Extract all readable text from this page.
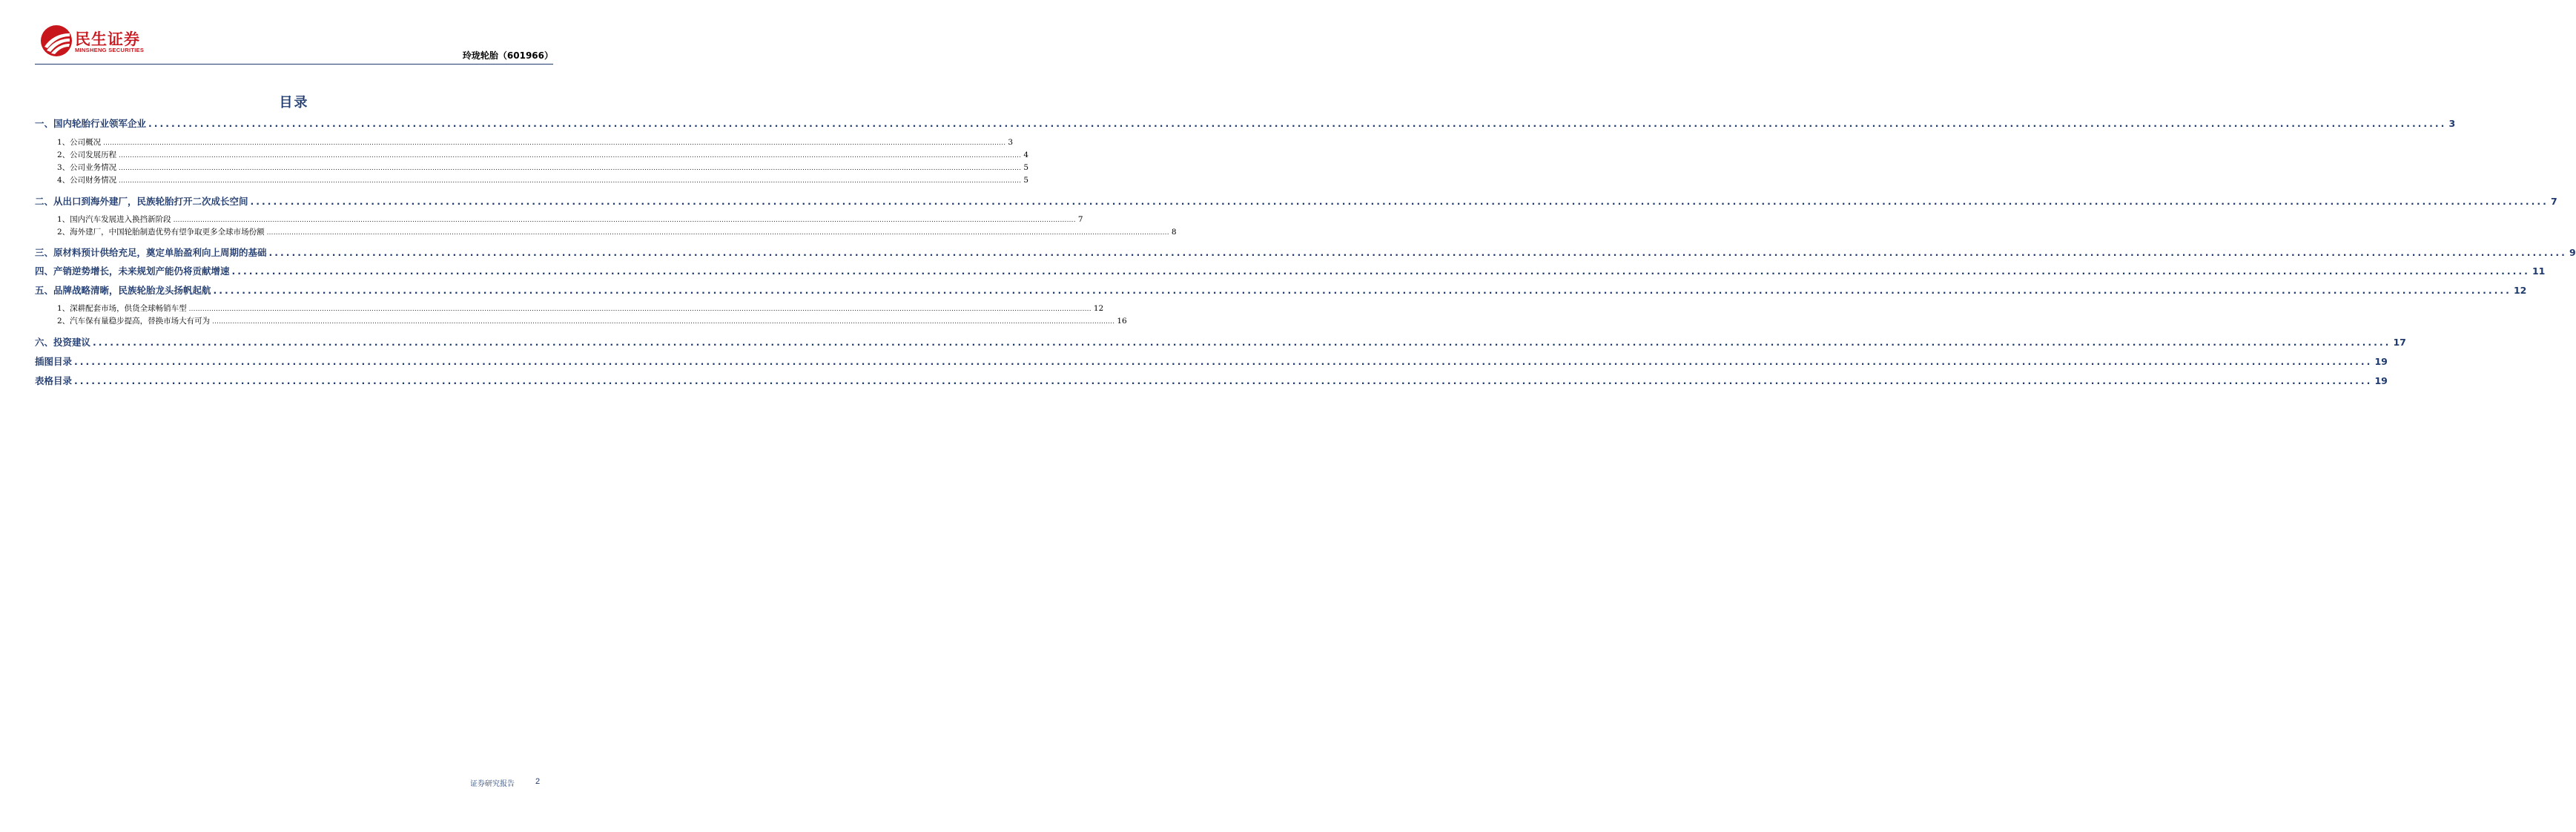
民生证券
MINSHENG SECURITIES
玲珑轮胎（601966）
目录
一、国内轮胎行业领军企业 ................................................................................................................................................................................................................................................................................................................................................................................................................ 3
1、公司概况 ................................................................................................................................................................................................................................................................................................................................................................................................................ 3
2、公司发展历程 ................................................................................................................................................................................................................................................................................................................................................................................................................ 4
3、公司业务情况 ................................................................................................................................................................................................................................................................................................................................................................................................................ 5
4、公司财务情况 ................................................................................................................................................................................................................................................................................................................................................................................................................ 5
二、从出口到海外建厂，民族轮胎打开二次成长空间 ................................................................................................................................................................................................................................................................................................................................................................................................................ 7
1、国内汽车发展进入换挡新阶段 ................................................................................................................................................................................................................................................................................................................................................................................................................ 7
2、海外建厂，中国轮胎制造优势有望争取更多全球市场份额 ................................................................................................................................................................................................................................................................................................................................................................................................................ 8
三、原材料预计供给充足，奠定单胎盈利向上周期的基础 ................................................................................................................................................................................................................................................................................................................................................................................................................ 9
四、产销逆势增长，未来规划产能仍将贡献增速 ................................................................................................................................................................................................................................................................................................................................................................................................................ 11
五、品牌战略清晰，民族轮胎龙头扬帆起航 ................................................................................................................................................................................................................................................................................................................................................................................................................ 12
1、深耕配套市场，供货全球畅销车型 ................................................................................................................................................................................................................................................................................................................................................................................................................ 12
2、汽车保有量稳步提高，替换市场大有可为 ................................................................................................................................................................................................................................................................................................................................................................................................................ 16
六、投资建议 ................................................................................................................................................................................................................................................................................................................................................................................................................ 17
插图目录 ................................................................................................................................................................................................................................................................................................................................................................................................................ 19
表格目录 ................................................................................................................................................................................................................................................................................................................................................................................................................ 19
证券研究报告	2
